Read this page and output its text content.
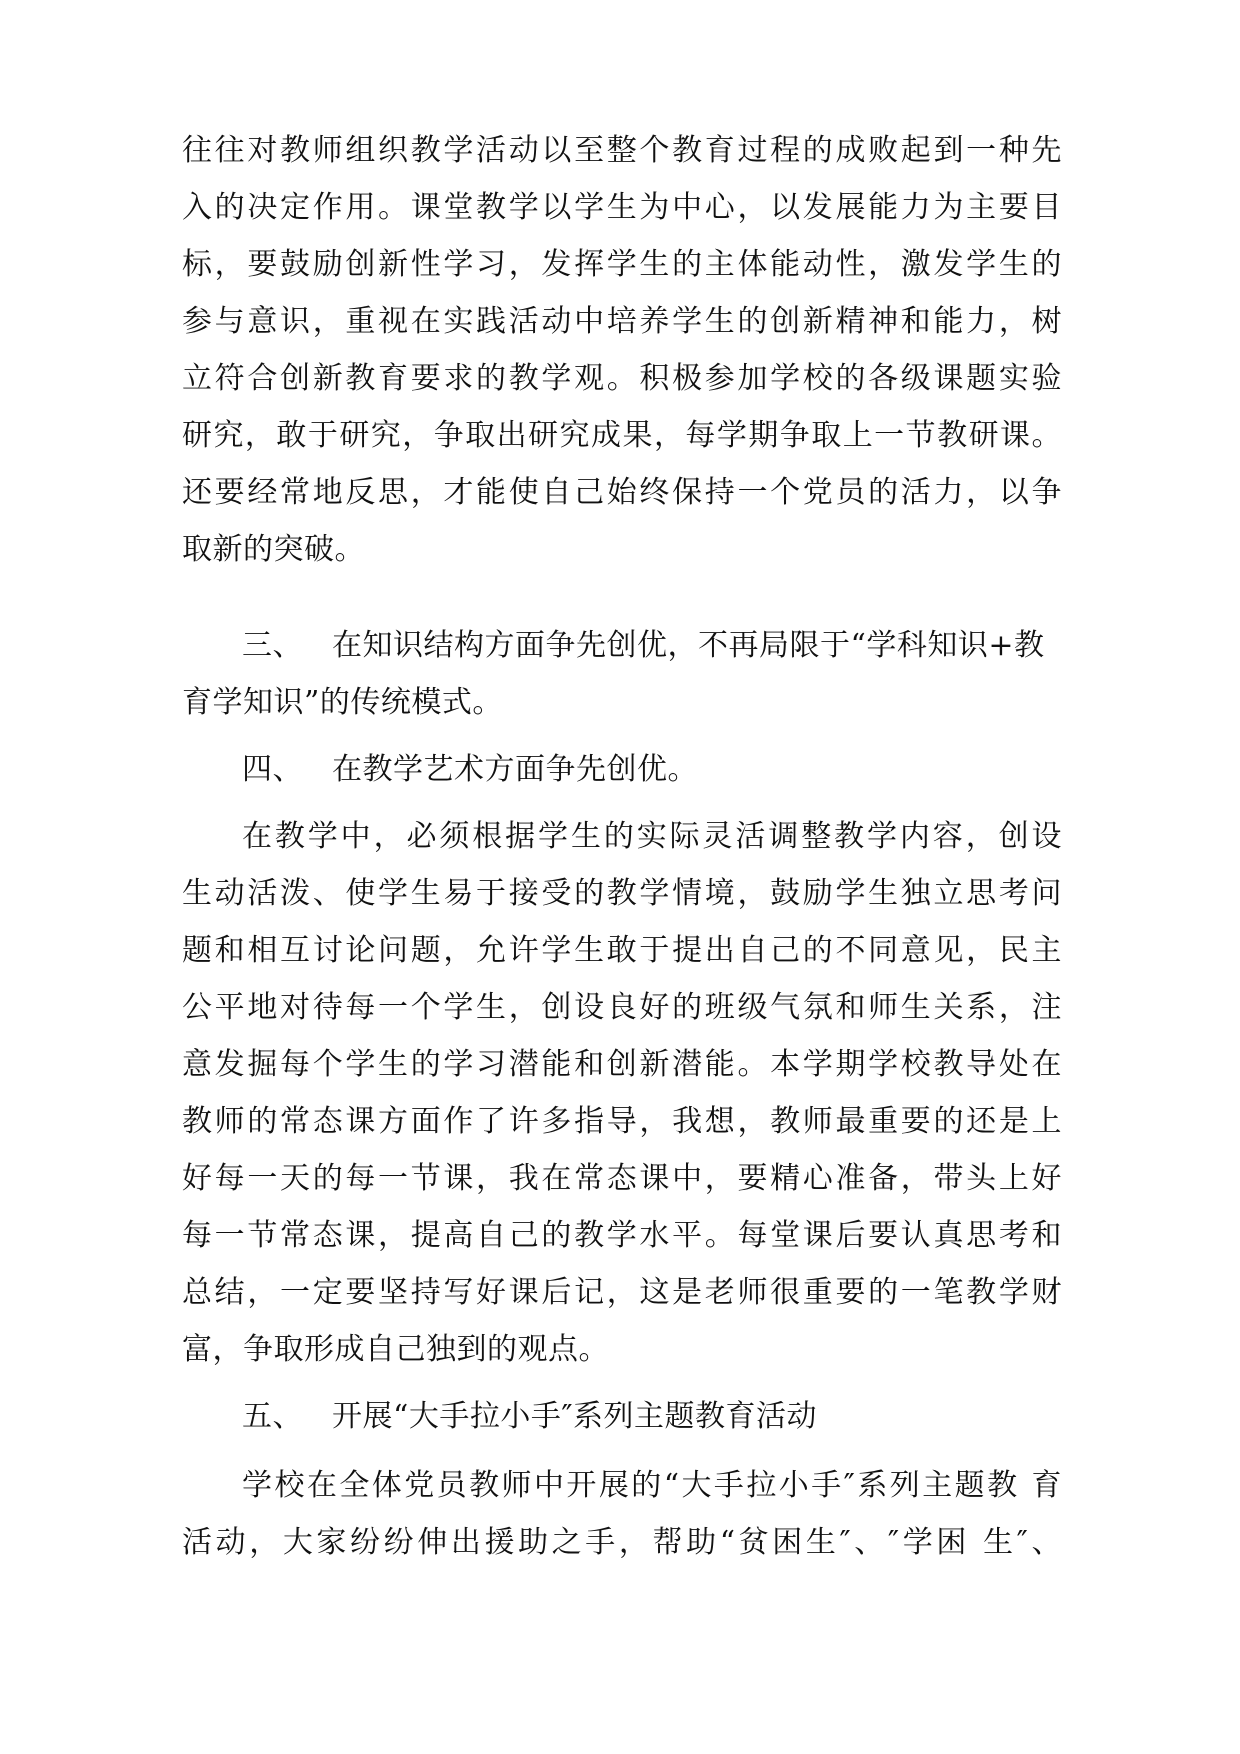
往往对教师组织教学活动以至整个教育过程的成败起到一种先
入的决定作用。课堂教学以学生为中心，以发展能力为主要目
标，要鼓励创新性学习，发挥学生的主体能动性，激发学生的
参与意识，重视在实践活动中培养学生的创新精神和能力，树
立符合创新教育要求的教学观。积极参加学校的各级课题实验
研究，敢于研究，争取出研究成果，每学期争取上一节教研课。
还要经常地反思，才能使自己始终保持一个党员的活力，以争
取新的突破。
三、 在知识结构方面争先创优，不再局限于“学科知识+教
育学知识”的传统模式。
四、 在教学艺术方面争先创优。
在教学中，必须根据学生的实际灵活调整教学内容，创设
生动活泼、使学生易于接受的教学情境，鼓励学生独立思考问
题和相互讨论问题，允许学生敢于提出自己的不同意见，民主
公平地对待每一个学生，创设良好的班级气氛和师生关系，注
意发掘每个学生的学习潜能和创新潜能。本学期学校教导处在
教师的常态课方面作了许多指导，我想，教师最重要的还是上
好每一天的每一节课，我在常态课中，要精心准备，带头上好
每一节常态课，提高自己的教学水平。每堂课后要认真思考和
总结，一定要坚持写好课后记，这是老师很重要的一笔教学财
富，争取形成自己独到的观点。
五、 开展“大手拉小手″系列主题教育活动
学校在全体党员教师中开展的“大手拉小手″系列主题教 育
活动，大家纷纷伸出援助之手，帮助“贫困生″、″学困 生″、
